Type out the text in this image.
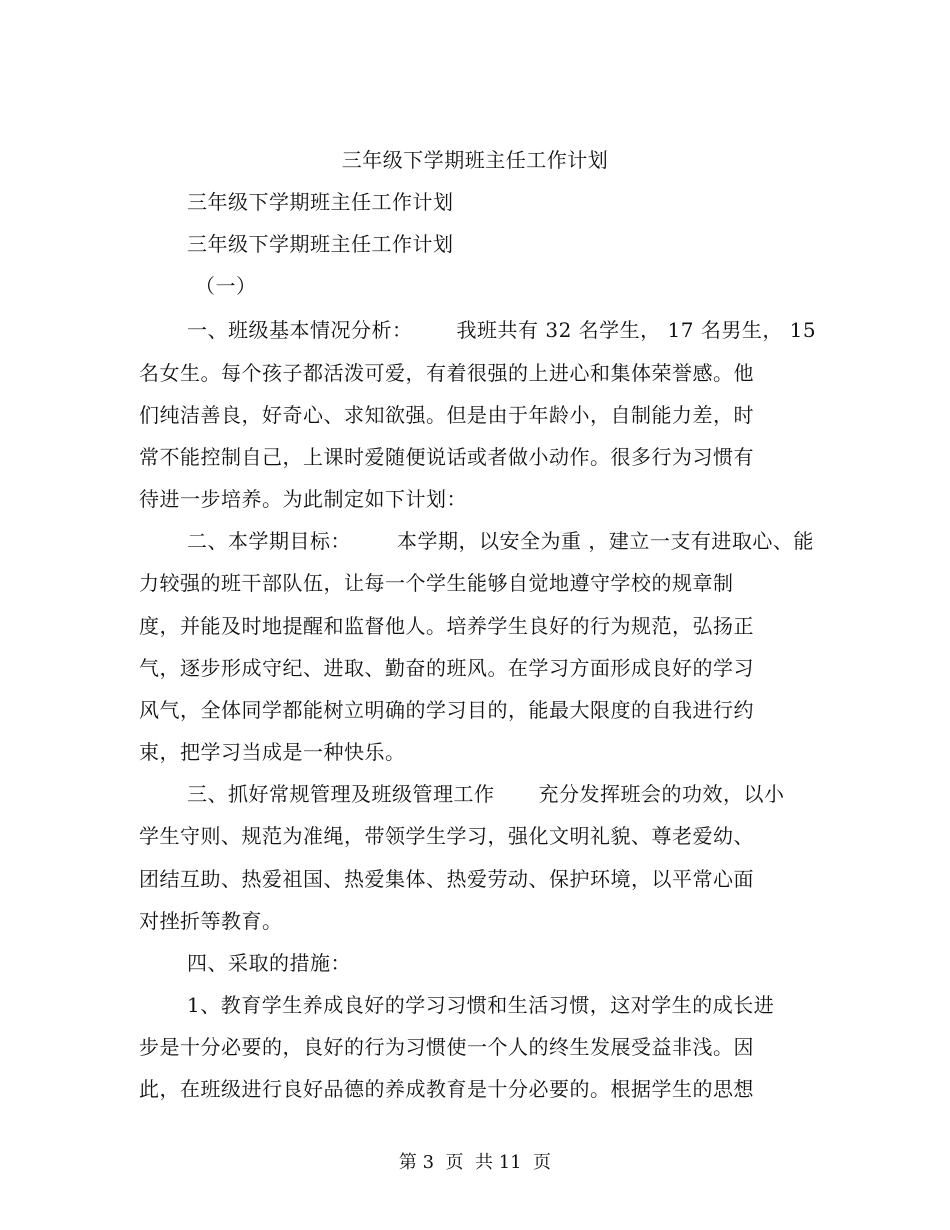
三年级下学期班主任工作计划
三年级下学期班主任工作计划
三年级下学期班主任工作计划
（一）
一、班级基本情况分析： 我班共有 32 名学生， 17 名男生， 15
名女生。每个孩子都活泼可爱，有着很强的上进心和集体荣誉感。他
们纯洁善良，好奇心、求知欲强。但是由于年龄小，自制能力差，时
常不能控制自己，上课时爱随便说话或者做小动作。很多行为习惯有
待进一步培养。为此制定如下计划：
二、本学期目标： 本学期，以安全为重 ，建立一支有进取心、能
力较强的班干部队伍，让每一个学生能够自觉地遵守学校的规章制
度，并能及时地提醒和监督他人。培养学生良好的行为规范，弘扬正
气，逐步形成守纪、进取、勤奋的班风。在学习方面形成良好的学习
风气，全体同学都能树立明确的学习目的，能最大限度的自我进行约
束，把学习当成是一种快乐。
三、抓好常规管理及班级管理工作 充分发挥班会的功效，以小
学生守则、规范为准绳，带领学生学习，强化文明礼貌、尊老爱幼、
团结互助、热爱祖国、热爱集体、热爱劳动、保护环境，以平常心面
对挫折等教育。
四、采取的措施：
1、教育学生养成良好的学习习惯和生活习惯，这对学生的成长进
步是十分必要的，良好的行为习惯使一个人的终生发展受益非浅。因
此，在班级进行良好品德的养成教育是十分必要的。根据学生的思想
第 3  页  共 11  页
